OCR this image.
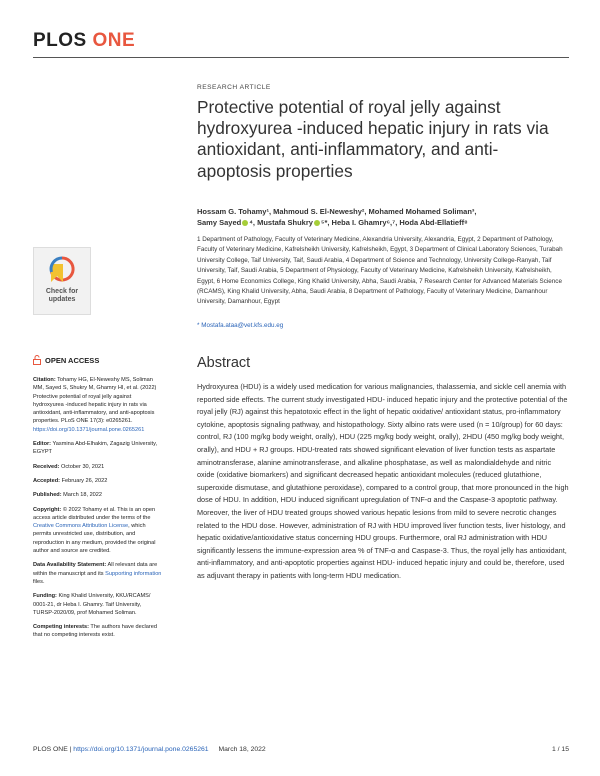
PLOS ONE
Check for
updates
OPEN ACCESS

Citation: Tohamy HG, El-Neweshy MS, Soliman MM, Sayed S, Shukry M, Ghamry HI, et al. (2022) Protective potential of royal jelly against hydroxyurea -induced hepatic injury in rats via antioxidant, anti-inflammatory, and anti-apoptosis properties. PLoS ONE 17(3): e0265261. https://doi.org/10.1371/journal.pone.0265261

Editor: Yasmina Abd-Elhakim, Zagazig University, EGYPT

Received: October 30, 2021

Accepted: February 26, 2022

Published: March 18, 2022

Copyright: © 2022 Tohamy et al. This is an open access article distributed under the terms of the Creative Commons Attribution License, which permits unrestricted use, distribution, and reproduction in any medium, provided the original author and source are credited.

Data Availability Statement: All relevant data are within the manuscript and its Supporting information files.

Funding: King Khalid University, KKU/RCAMS/ 0001-21, dr Heba I. Ghamry. Taif University, TURSP-2020/09, prof Mohamed Soliman.

Competing interests: The authors have declared that no competing interests exist.

RESEARCH ARTICLE
Protective potential of royal jelly against hydroxyurea -induced hepatic injury in rats via antioxidant, anti-inflammatory, and anti-apoptosis properties
Hossam G. Tohamy¹, Mahmoud S. El-Neweshy², Mohamed Mohamed Soliman³,
Samy Sayed ⁴, Mustafa Shukry ⁵*, Heba I. Ghamry⁶,⁷, Hoda Abd-Ellatieff⁸
1 Department of Pathology, Faculty of Veterinary Medicine, Alexandria University, Alexandria, Egypt, 2 Department of Pathology, Faculty of Veterinary Medicine, Kafrelsheikh University, Kafrelsheikh, Egypt, 3 Department of Clinical Laboratory Sciences, Turabah University College, Taif University, Taif, Saudi Arabia, 4 Department of Science and Technology, University College-Ranyah, Taif University, Taif, Saudi Arabia, 5 Department of Physiology, Faculty of Veterinary Medicine, Kafrelsheikh University, Kafrelsheikh, Egypt, 6 Home Economics College, King Khalid University, Abha, Saudi Arabia, 7 Research Center for Advanced Materials Science (RCAMS), King Khalid University, Abha, Saudi Arabia, 8 Department of Pathology, Faculty of Veterinary Medicine, Damanhour University, Damanhour, Egypt
* Mostafa.ataa@vet.kfs.edu.eg
Abstract
Hydroxyurea (HDU) is a widely used medication for various malignancies, thalassemia, and sickle cell anemia with reported side effects. The current study investigated HDU- induced hepatic injury and the protective potential of the royal jelly (RJ) against this hepatotoxic effect in the light of hepatic oxidative/ antioxidant status, pro-inflammatory cytokine, apoptosis signaling pathway, and histopathology. Sixty albino rats were used (n = 10/group) for 60 days: control, RJ (100 mg/kg body weight, orally), HDU (225 mg/kg body weight, orally), 2HDU (450 mg/kg body weight, orally), and HDU + RJ groups. HDU-treated rats showed significant elevation of liver function tests as aspartate aminotransferase, alanine aminotransferase, and alkaline phosphatase, as well as malondialdehyde and nitric oxide (oxidative biomarkers) and significant decreased hepatic antioxidant molecules (reduced glutathione, superoxide dismutase, and glutathione peroxidase), compared to a control group, that more pronounced in the high dose of HDU. In addition, HDU induced significant upregulation of TNF-α and the Caspase-3 apoptotic pathway. Moreover, the liver of HDU treated groups showed various hepatic lesions from mild to severe necrotic changes related to the HDU dose. However, administration of RJ with HDU improved liver function tests, liver histology, and hepatic oxidative/antioxidative status concerning HDU groups. Furthermore, oral RJ administration with HDU significantly lessens the immune-expression area % of TNF-α and Caspase-3. Thus, the royal jelly has antioxidant, anti-inflammatory, and anti-apoptotic properties against HDU- induced hepatic injury and could be, therefore, used as adjuvant therapy in patients with long-term HDU medication.
PLOS ONE | https://doi.org/10.1371/journal.pone.0265261 March 18, 2022	1 / 15
